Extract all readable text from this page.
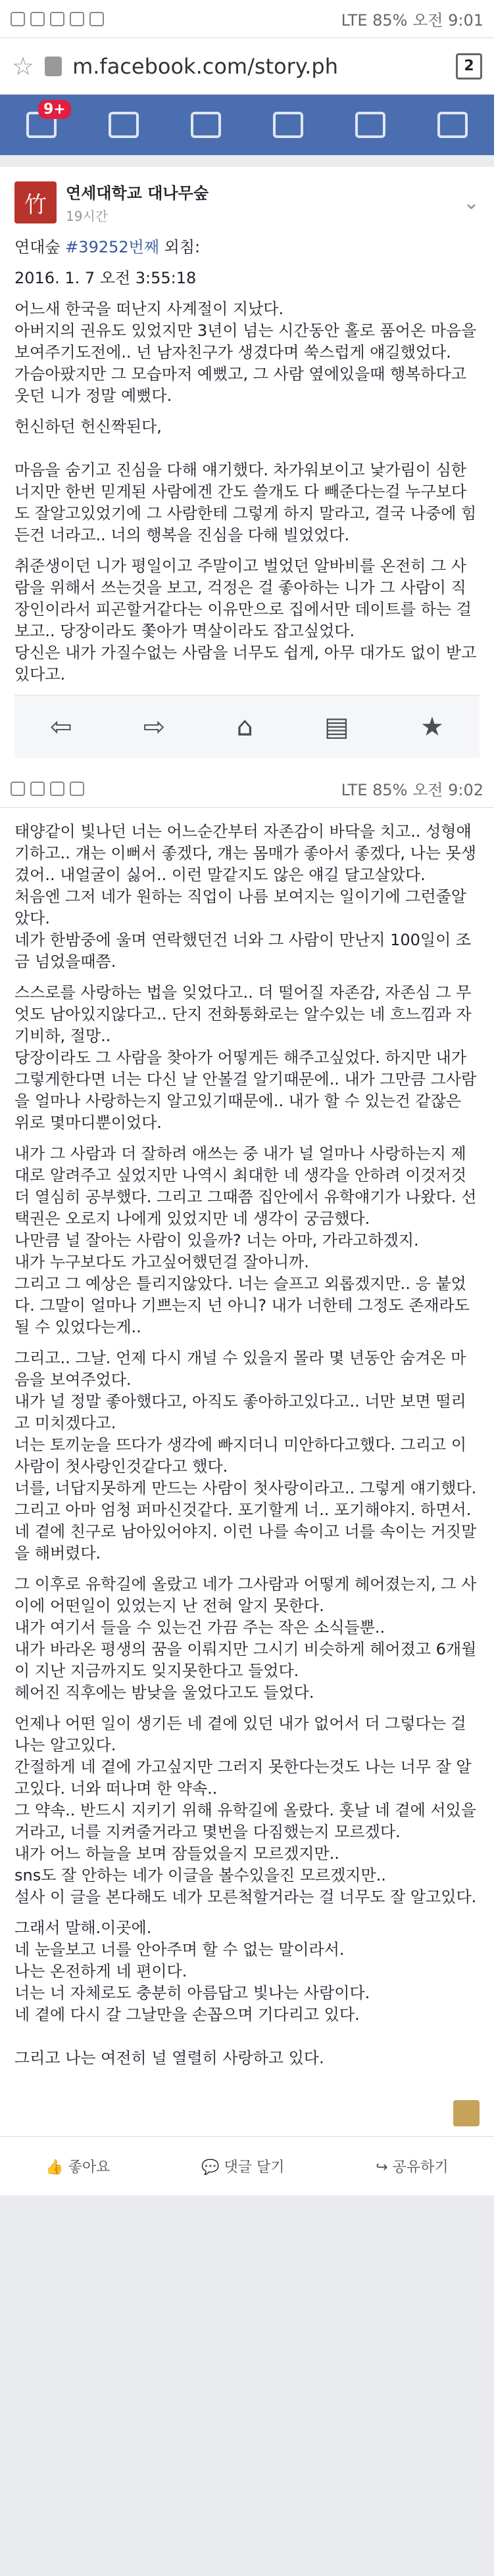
LTE 85% 오전 9:01
☆ m.facebook.com/story.ph	2
9+
竹	연세대학교 대나무숲
19시간
⌄

연대숲 #39252번째 외침:

2016. 1. 7 오전 3:55:18

어느새 한국을 떠난지 사계절이 지났다.
아버지의 권유도 있었지만 3년이 넘는 시간동안 홀로 품어온 마음을 보여주기도전에.. 넌 남자친구가 생겼다며 쑥스럽게 얘길했었다.
가슴아팠지만 그 모습마저 예뻤고, 그 사람 옆에있을때 행복하다고 웃던 니가 정말 예뻤다.

헌신하던 헌신짝된다,

마음을 숨기고 진심을 다해 얘기했다. 차가워보이고 낯가림이 심한 너지만 한번 믿게된 사람에겐 간도 쓸개도 다 빼준다는걸 누구보다도 잘알고있었기에 그 사람한테 그렇게 하지 말라고, 결국 나중에 힘든건 너라고.. 너의 행복을 진심을 다해 빌었었다.

취준생이던 니가 평일이고 주말이고 벌었던 알바비를 온전히 그 사람을 위해서 쓰는것을 보고, 걱정은 걸 좋아하는 니가 그 사람이 직장인이라서 피곤할거같다는 이유만으로 집에서만 데이트를 하는 걸 보고.. 당장이라도 쫓아가 멱살이라도 잡고싶었다.
당신은 내가 가질수없는 사람을 너무도 쉽게, 아무 대가도 없이 받고있다고.

⇦	⇨	⌂	▤	★
LTE 85% 오전 9:02

태양같이 빛나던 너는 어느순간부터 자존감이 바닥을 치고.. 성형얘기하고.. 걔는 이뻐서 좋겠다, 걔는 몸매가 좋아서 좋겠다, 나는 못생겼어.. 내얼굴이 싫어.. 이런 말같지도 않은 얘길 달고살았다.
처음엔 그저 네가 원하는 직업이 나름 보여지는 일이기에 그런줄알았다.
네가 한밤중에 울며 연락했던건 너와 그 사람이 만난지 100일이 조금 넘었을때쯤.

스스로를 사랑하는 법을 잊었다고.. 더 떨어질 자존감, 자존심 그 무엇도 남아있지않다고.. 단지 전화통화로는 알수있는 네 흐느낌과 자기비하, 절망..
당장이라도 그 사람을 찾아가 어떻게든 해주고싶었다. 하지만 내가 그렇게한다면 너는 다신 날 안볼걸 알기때문에.. 내가 그만큼 그사람을 얼마나 사랑하는지 알고있기때문에.. 내가 할 수 있는건 같잖은 위로 몇마디뿐이었다.

내가 그 사람과 더 잘하려 애쓰는 중 내가 널 얼마나 사랑하는지 제대로 알려주고 싶었지만 나역시 최대한 네 생각을 안하려 이것저것 더 열심히 공부했다. 그리고 그때쯤 집안에서 유학얘기가 나왔다. 선택권은 오로지 나에게 있었지만 네 생각이 궁금했다.
나만큼 널 잘아는 사람이 있을까? 너는 아마, 가라고하겠지.
내가 누구보다도 가고싶어했던걸 잘아니까.
그리고 그 예상은 틀리지않았다. 너는 슬프고 외롭겠지만.. 응 붙었다. 그말이 얼마나 기쁘는지 넌 아니? 내가 너한테 그정도 존재라도 될 수 있었다는게..

그리고.. 그날. 언제 다시 개널 수 있을지 몰라 몇 년동안 숨겨온 마음을 보여주었다.
내가 널 정말 좋아했다고, 아직도 좋아하고있다고.. 너만 보면 떨리고 미치겠다고.
너는 토끼눈을 뜨다가 생각에 빠지더니 미안하다고했다. 그리고 이 사람이 첫사랑인것같다고 했다.
너를, 너답지못하게 만드는 사람이 첫사랑이라고.. 그렇게 얘기했다. 그리고 아마 엄청 퍼마신것같다. 포기할게 너.. 포기해야지. 하면서. 네 곁에 친구로 남아있어야지. 이런 나를 속이고 너를 속이는 거짓말을 해버렸다.

그 이후로 유학길에 올랐고 네가 그사람과 어떻게 헤어졌는지, 그 사이에 어떤일이 있었는지 난 전혀 알지 못한다.
내가 여기서 들을 수 있는건 가끔 주는 작은 소식들뿐..
내가 바라온 평생의 꿈을 이뤄지만 그시기 비슷하게 헤어졌고 6개월이 지난 지금까지도 잊지못한다고 들었다.
헤어진 직후에는 밤낮을 울었다고도 들었다.

언제나 어떤 일이 생기든 네 곁에 있던 내가 없어서 더 그렇다는 걸 나는 알고있다.
간절하게 네 곁에 가고싶지만 그러지 못한다는것도 나는 너무 잘 알고있다. 너와 떠나며 한 약속..
그 약속.. 반드시 지키기 위해 유학길에 올랐다. 훗날 네 곁에 서있을거라고, 너를 지켜줄거라고 몇번을 다짐했는지 모르겠다.
내가 어느 하늘을 보며 잠들었을지 모르겠지만..
sns도 잘 안하는 네가 이글을 볼수있을진 모르겠지만..
설사 이 글을 본다해도 네가 모른척할거라는 걸 너무도 잘 알고있다.

그래서 말해.이곳에.
네 눈을보고 너를 안아주며 할 수 없는 말이라서.
나는 온전하게 네 편이다.
너는 너 자체로도 충분히 아름답고 빛나는 사람이다.
네 곁에 다시 갈 그날만을 손꼽으며 기다리고 있다.

그리고 나는 여전히 널 열렬히 사랑하고 있다.

👍 좋아요	💬 댓글 달기	↪ 공유하기
